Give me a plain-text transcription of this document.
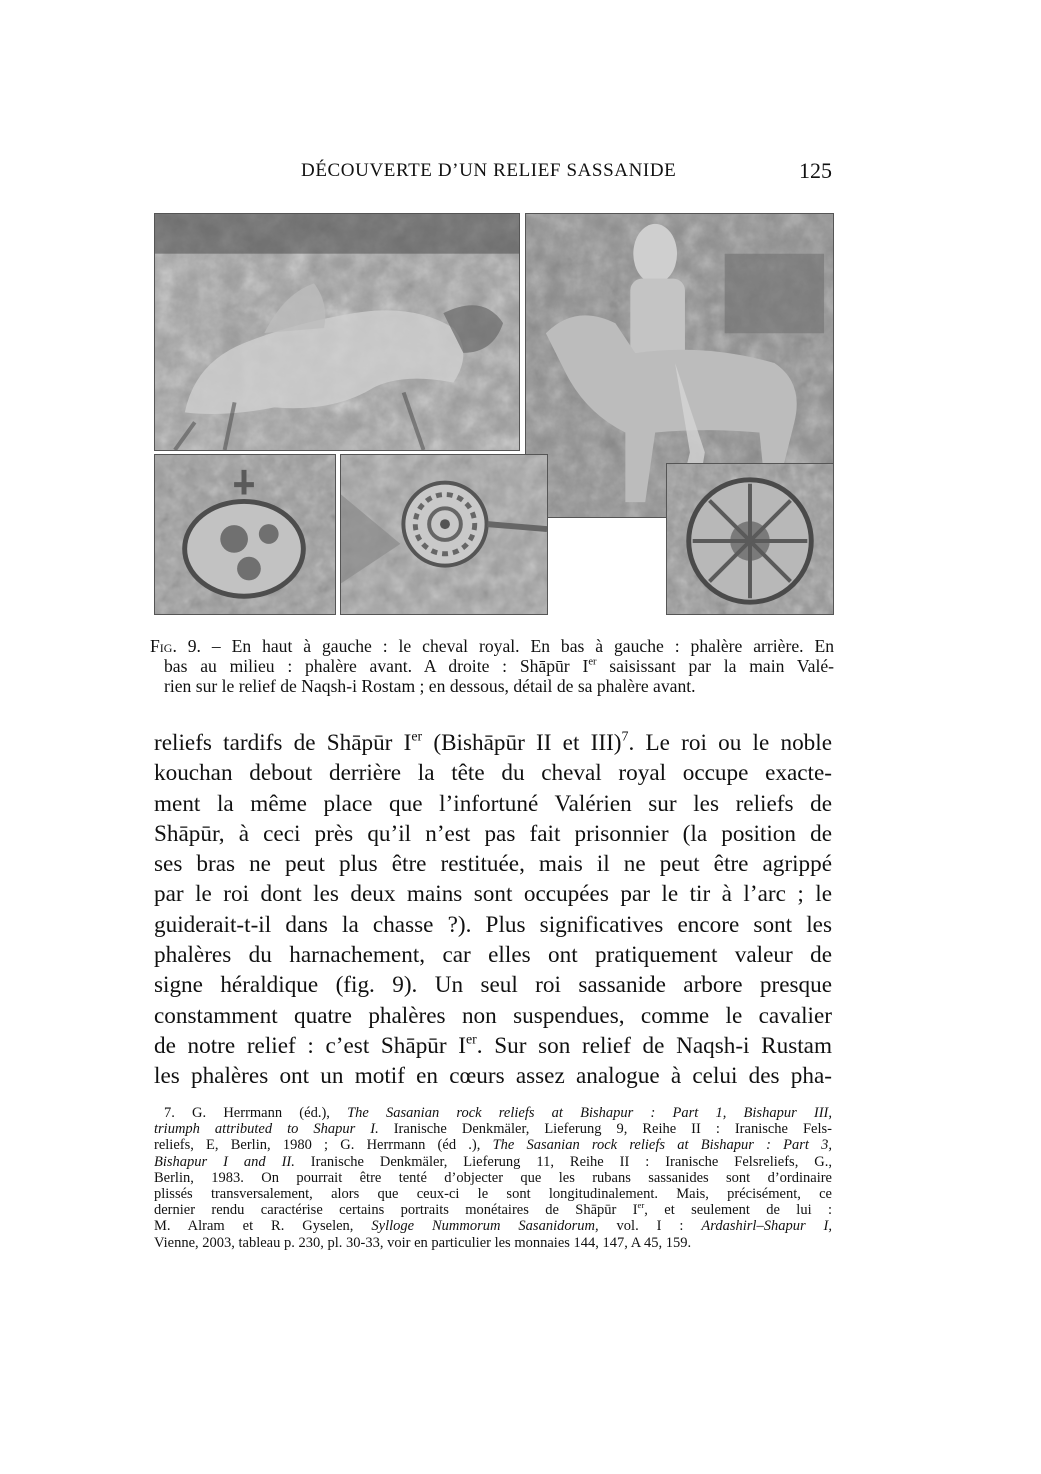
DÉCOUVERTE D’UN RELIEF SASSANIDE	125

Fig. 9. – En haut à gauche : le cheval royal. En bas à gauche : phalère arrière. En

bas au milieu : phalère avant. A droite : Shāpūr Ier saisissant par la main Valé-

rien sur le relief de Naqsh-i Rostam ; en dessous, détail de sa phalère avant.

reliefs tardifs de Shāpūr Ier (Bishāpūr II et III)$^7$. Le roi ou le noble
kouchan debout derrière la tête du cheval royal occupe exacte-
ment la même place que l’infortuné Valérien sur les reliefs de
Shāpūr, à ceci près qu’il n’est pas fait prisonnier (la position de
ses bras ne peut plus être restituée, mais il ne peut être agrippé
par le roi dont les deux mains sont occupées par le tir à l’arc ; le
guiderait-t-il dans la chasse ?). Plus significatives encore sont les
phalères du harnachement, car elles ont pratiquement valeur de
signe héraldique (fig. 9). Un seul roi sassanide arbore presque
constamment quatre phalères non suspendues, comme le cavalier
de notre relief : c’est Shāpūr Ier. Sur son relief de Naqsh-i Rustam
les phalères ont un motif en cœurs assez analogue à celui des pha-
7. G. Herrmann (éd.), The Sasanian rock reliefs at Bishapur : Part 1, Bishapur III,
triumph attributed to Shapur I. Iranische Denkmäler, Lieferung 9, Reihe II : Iranische Fels-
reliefs, E, Berlin, 1980 ; G. Herrmann (éd .), The Sasanian rock reliefs at Bishapur : Part 3,
Bishapur I and II. Iranische Denkmäler, Lieferung 11, Reihe II : Iranische Felsreliefs, G.,
Berlin, 1983. On pourrait être tenté d’objecter que les rubans sassanides sont d’ordinaire
plissés transversalement, alors que ceux-ci le sont longitudinalement. Mais, précisément, ce
dernier rendu caractérise certains portraits monétaires de Shāpūr Ier, et seulement de lui :
M. Alram et R. Gyselen, Sylloge Nummorum Sasanidorum, vol. I : Ardashirl–Shapur I,
Vienne, 2003, tableau p. 230, pl. 30-33, voir en particulier les monnaies 144, 147, A 45, 159.
